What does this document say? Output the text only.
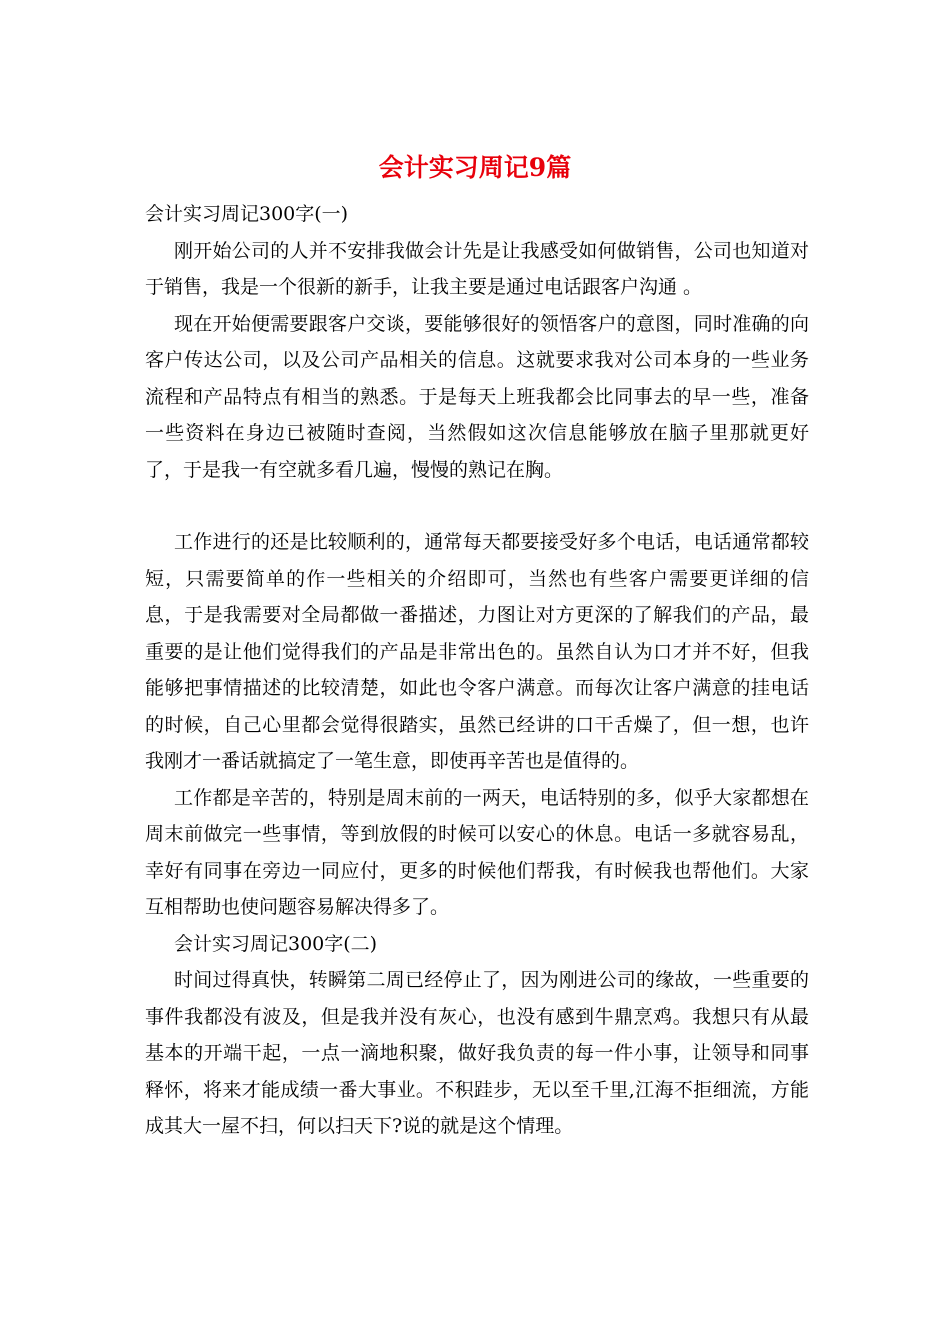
会计实习周记9篇

会计实习周记300字(一)

刚开始公司的人并不安排我做会计先是让我感受如何做销售，公司也知道对于销售，我是一个很新的新手，让我主要是通过电话跟客户沟通 。

现在开始便需要跟客户交谈，要能够很好的领悟客户的意图，同时准确的向客户传达公司，以及公司产品相关的信息。这就要求我对公司本身的一些业务流程和产品特点有相当的熟悉。于是每天上班我都会比同事去的早一些，准备一些资料在身边已被随时查阅，当然假如这次信息能够放在脑子里那就更好了，于是我一有空就多看几遍，慢慢的熟记在胸。

工作进行的还是比较顺利的，通常每天都要接受好多个电话，电话通常都较短，只需要简单的作一些相关的介绍即可，当然也有些客户需要更详细的信息，于是我需要对全局都做一番描述，力图让对方更深的了解我们的产品，最重要的是让他们觉得我们的产品是非常出色的。虽然自认为口才并不好，但我能够把事情描述的比较清楚，如此也令客户满意。而每次让客户满意的挂电话的时候，自己心里都会觉得很踏实，虽然已经讲的口干舌燥了，但一想，也许我刚才一番话就搞定了一笔生意，即使再辛苦也是值得的。

工作都是辛苦的，特别是周末前的一两天，电话特别的多，似乎大家都想在周末前做完一些事情，等到放假的时候可以安心的休息。电话一多就容易乱，幸好有同事在旁边一同应付，更多的时候他们帮我，有时候我也帮他们。大家互相帮助也使问题容易解决得多了。

会计实习周记300字(二)

时间过得真快，转瞬第二周已经停止了，因为刚进公司的缘故，一些重要的事件我都没有波及，但是我并没有灰心，也没有感到牛鼎烹鸡。我想只有从最基本的开端干起，一点一滴地积聚，做好我负责的每一件小事，让领导和同事释怀，将来才能成绩一番大事业。不积跬步，无以至千里,江海不拒细流，方能成其大一屋不扫，何以扫天下?说的就是这个情理。
